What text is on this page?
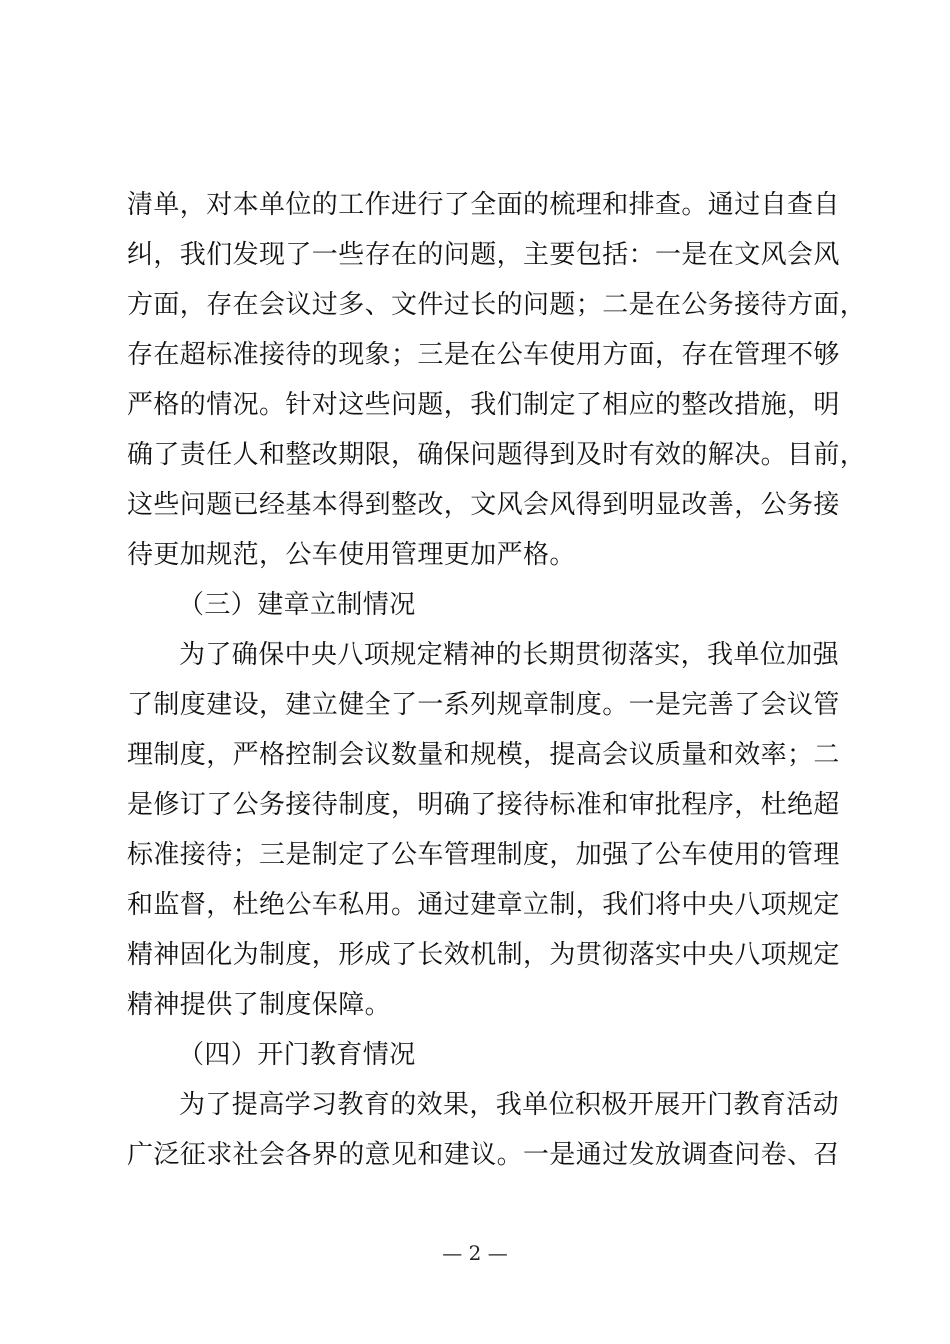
清单，对本单位的工作进行了全面的梳理和排查。通过自查自
纠，我们发现了一些存在的问题，主要包括：一是在文风会风
方面，存在会议过多、文件过长的问题；二是在公务接待方面，
存在超标准接待的现象；三是在公车使用方面，存在管理不够
严格的情况。针对这些问题，我们制定了相应的整改措施，明
确了责任人和整改期限，确保问题得到及时有效的解决。目前，
这些问题已经基本得到整改，文风会风得到明显改善，公务接
待更加规范，公车使用管理更加严格。
（三）建章立制情况
为了确保中央八项规定精神的长期贯彻落实，我单位加强
了制度建设，建立健全了一系列规章制度。一是完善了会议管
理制度，严格控制会议数量和规模，提高会议质量和效率；二
是修订了公务接待制度，明确了接待标准和审批程序，杜绝超
标准接待；三是制定了公车管理制度，加强了公车使用的管理
和监督，杜绝公车私用。通过建章立制，我们将中央八项规定
精神固化为制度，形成了长效机制，为贯彻落实中央八项规定
精神提供了制度保障。
（四）开门教育情况
为了提高学习教育的效果，我单位积极开展开门教育活动
广泛征求社会各界的意见和建议。一是通过发放调查问卷、召
— 2 —
